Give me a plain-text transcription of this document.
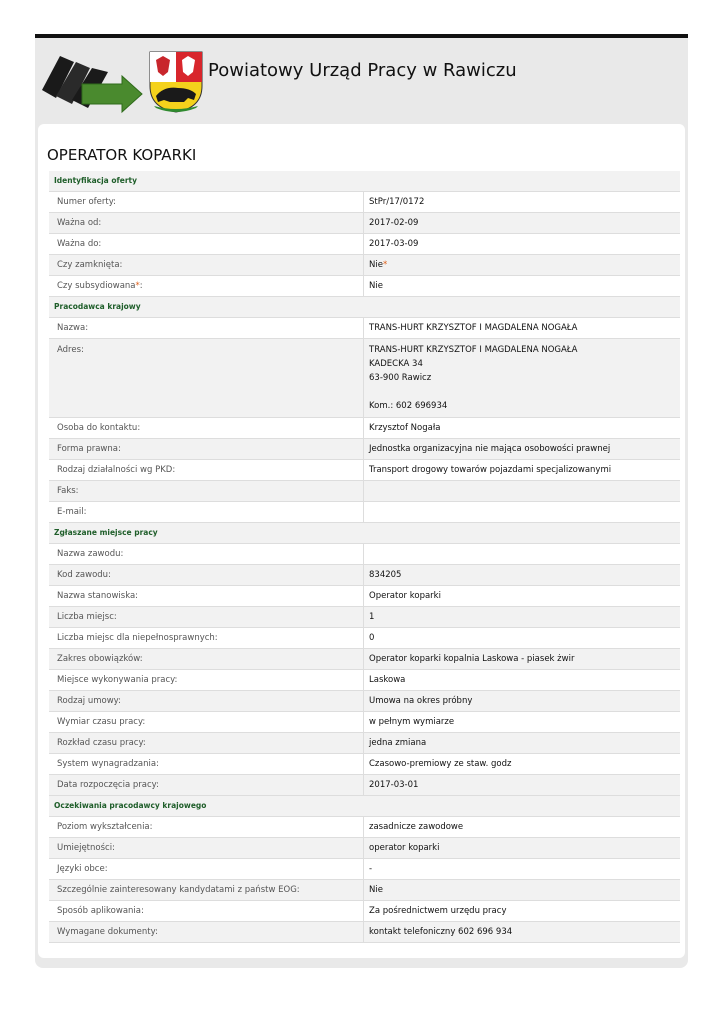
Powiatowy Urząd Pracy w Rawiczu
OPERATOR KOPARKI
Identyfikacja oferty
Numer oferty:	StPr/17/0172
Ważna od:	2017-02-09
Ważna do:	2017-03-09
Czy zamknięta:	Nie*
Czy subsydiowana*:	Nie
Pracodawca krajowy
Nazwa:	TRANS-HURT KRZYSZTOF I MAGDALENA NOGAŁA
Adres:	TRANS-HURT KRZYSZTOF I MAGDALENA NOGAŁA
KADECKA 34
63-900 Rawicz

Kom.: 602 696934
Osoba do kontaktu:	Krzysztof Nogała
Forma prawna:	Jednostka organizacyjna nie mająca osobowości prawnej
Rodzaj działalności wg PKD:	Transport drogowy towarów pojazdami specjalizowanymi
Faks:
E-mail:
Zgłaszane miejsce pracy
Nazwa zawodu:
Kod zawodu:	834205
Nazwa stanowiska:	Operator koparki
Liczba miejsc:	1
Liczba miejsc dla niepełnosprawnych:	0
Zakres obowiązków:	Operator koparki kopalnia Laskowa - piasek żwir
Miejsce wykonywania pracy:	Laskowa
Rodzaj umowy:	Umowa na okres próbny
Wymiar czasu pracy:	w pełnym wymiarze
Rozkład czasu pracy:	jedna zmiana
System wynagradzania:	Czasowo-premiowy ze staw. godz
Data rozpoczęcia pracy:	2017-03-01
Oczekiwania pracodawcy krajowego
Poziom wykształcenia:	zasadnicze zawodowe
Umiejętności:	operator koparki
Języki obce:	-
Szczególnie zainteresowany kandydatami z państw EOG:	Nie
Sposób aplikowania:	Za pośrednictwem urzędu pracy
Wymagane dokumenty:	kontakt telefoniczny 602 696 934
